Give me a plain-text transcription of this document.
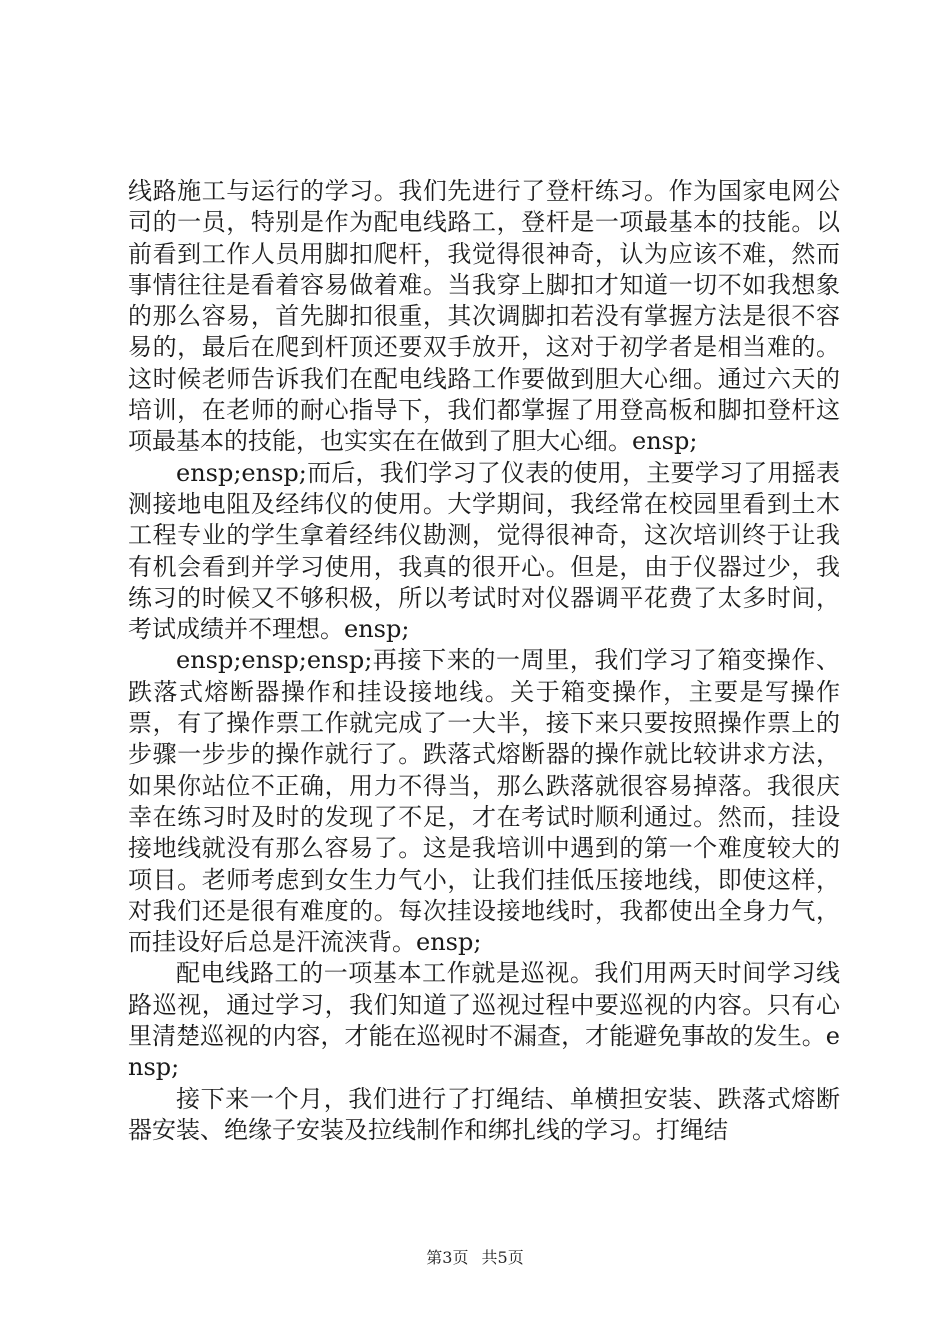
线路施工与运行的学习。我们先进行了登杆练习。作为国家电网公司的一员，特别是作为配电线路工，登杆是一项最基本的技能。以前看到工作人员用脚扣爬杆，我觉得很神奇，认为应该不难，然而事情往往是看着容易做着难。当我穿上脚扣才知道一切不如我想象的那么容易，首先脚扣很重，其次调脚扣若没有掌握方法是很不容易的，最后在爬到杆顶还要双手放开，这对于初学者是相当难的。这时候老师告诉我们在配电线路工作要做到胆大心细。通过六天的培训，在老师的耐心指导下，我们都掌握了用登高板和脚扣登杆这项最基本的技能，也实实在在做到了胆大心细。ensp;

ensp;ensp;而后，我们学习了仪表的使用，主要学习了用摇表测接地电阻及经纬仪的使用。大学期间，我经常在校园里看到土木工程专业的学生拿着经纬仪勘测，觉得很神奇，这次培训终于让我有机会看到并学习使用，我真的很开心。但是，由于仪器过少，我练习的时候又不够积极，所以考试时对仪器调平花费了太多时间，考试成绩并不理想。ensp;

ensp;ensp;ensp;再接下来的一周里，我们学习了箱变操作、跌落式熔断器操作和挂设接地线。关于箱变操作，主要是写操作票，有了操作票工作就完成了一大半，接下来只要按照操作票上的步骤一步步的操作就行了。跌落式熔断器的操作就比较讲求方法，如果你站位不正确，用力不得当，那么跌落就很容易掉落。我很庆幸在练习时及时的发现了不足，才在考试时顺利通过。然而，挂设接地线就没有那么容易了。这是我培训中遇到的第一个难度较大的项目。老师考虑到女生力气小，让我们挂低压接地线，即使这样，对我们还是很有难度的。每次挂设接地线时，我都使出全身力气，而挂设好后总是汗流浃背。ensp;

配电线路工的一项基本工作就是巡视。我们用两天时间学习线路巡视，通过学习，我们知道了巡视过程中要巡视的内容。只有心里清楚巡视的内容，才能在巡视时不漏查，才能避免事故的发生。ensp;

接下来一个月，我们进行了打绳结、单横担安装、跌落式熔断器安装、绝缘子安装及拉线制作和绑扎线的学习。打绳结

第3页 共5页
